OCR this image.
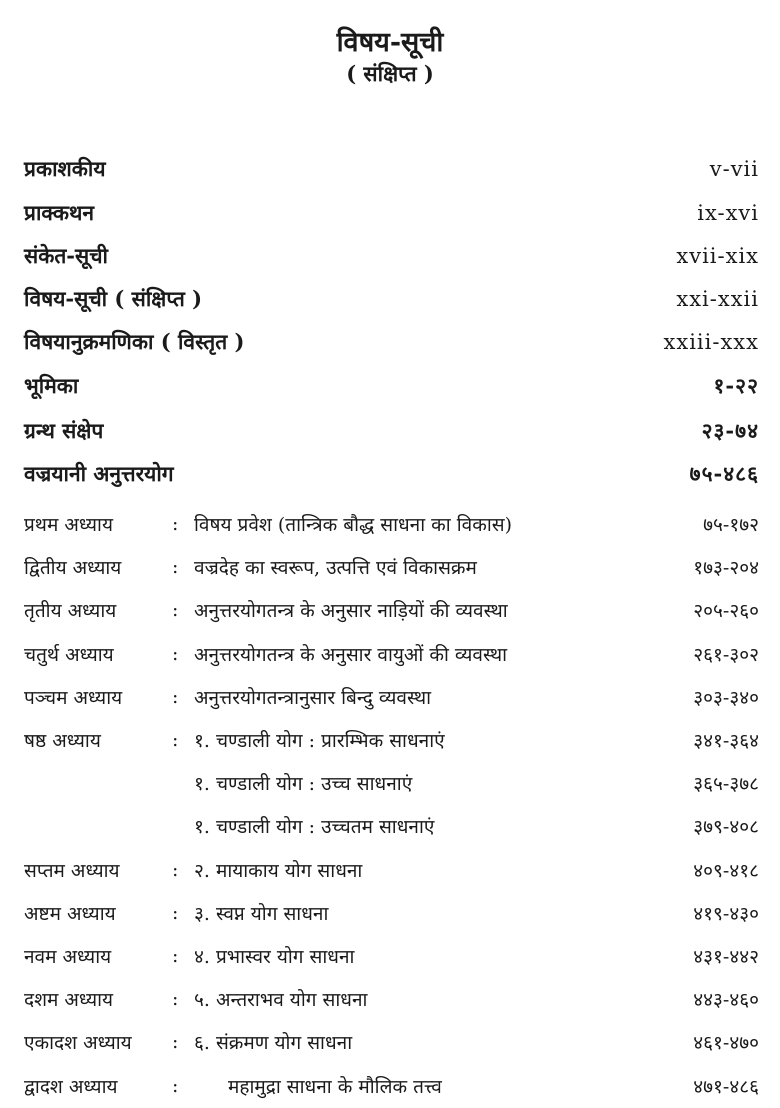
विषय-सूची
( संक्षिप्त )
प्रकाशकीय	v-vii
प्राक्कथन	ix-xvi
संकेत-सूची	xvii-xix
विषय-सूची ( संक्षिप्त )	xxi-xxii
विषयानुक्रमणिका ( विस्तृत )	xxiii-xxx
भूमिका	१-२२
ग्रन्थ संक्षेप	२३-७४
वज्रयानी अनुत्तरयोग	७५-४८६
प्रथम अध्याय	: विषय प्रवेश (तान्त्रिक बौद्ध साधना का विकास)	७५-१७२
द्वितीय अध्याय	: वज्रदेह का स्वरूप, उत्पत्ति एवं विकासक्रम	१७३-२०४
तृतीय अध्याय	: अनुत्तरयोगतन्त्र के अनुसार नाड़ियों की व्यवस्था	२०५-२६०
चतुर्थ अध्याय	: अनुत्तरयोगतन्त्र के अनुसार वायुओं की व्यवस्था	२६१-३०२
पञ्चम अध्याय	: अनुत्तरयोगतन्त्रानुसार बिन्दु व्यवस्था	३०३-३४०
षष्ठ अध्याय	: १. चण्डाली योग : प्रारम्भिक साधनाएं	३४१-३६४
१. चण्डाली योग : उच्च साधनाएं	३६५-३७८
१. चण्डाली योग : उच्चतम साधनाएं	३७९-४०८
सप्तम अध्याय	: २. मायाकाय योग साधना	४०९-४१८
अष्टम अध्याय	: ३. स्वप्न योग साधना	४१९-४३०
नवम अध्याय	: ४. प्रभास्वर योग साधना	४३१-४४२
दशम अध्याय	: ५. अन्तराभव योग साधना	४४३-४६०
एकादश अध्याय	: ६. संक्रमण योग साधना	४६१-४७०
द्वादश अध्याय	:	महामुद्रा साधना के मौलिक तत्त्व	४७१-४८६
